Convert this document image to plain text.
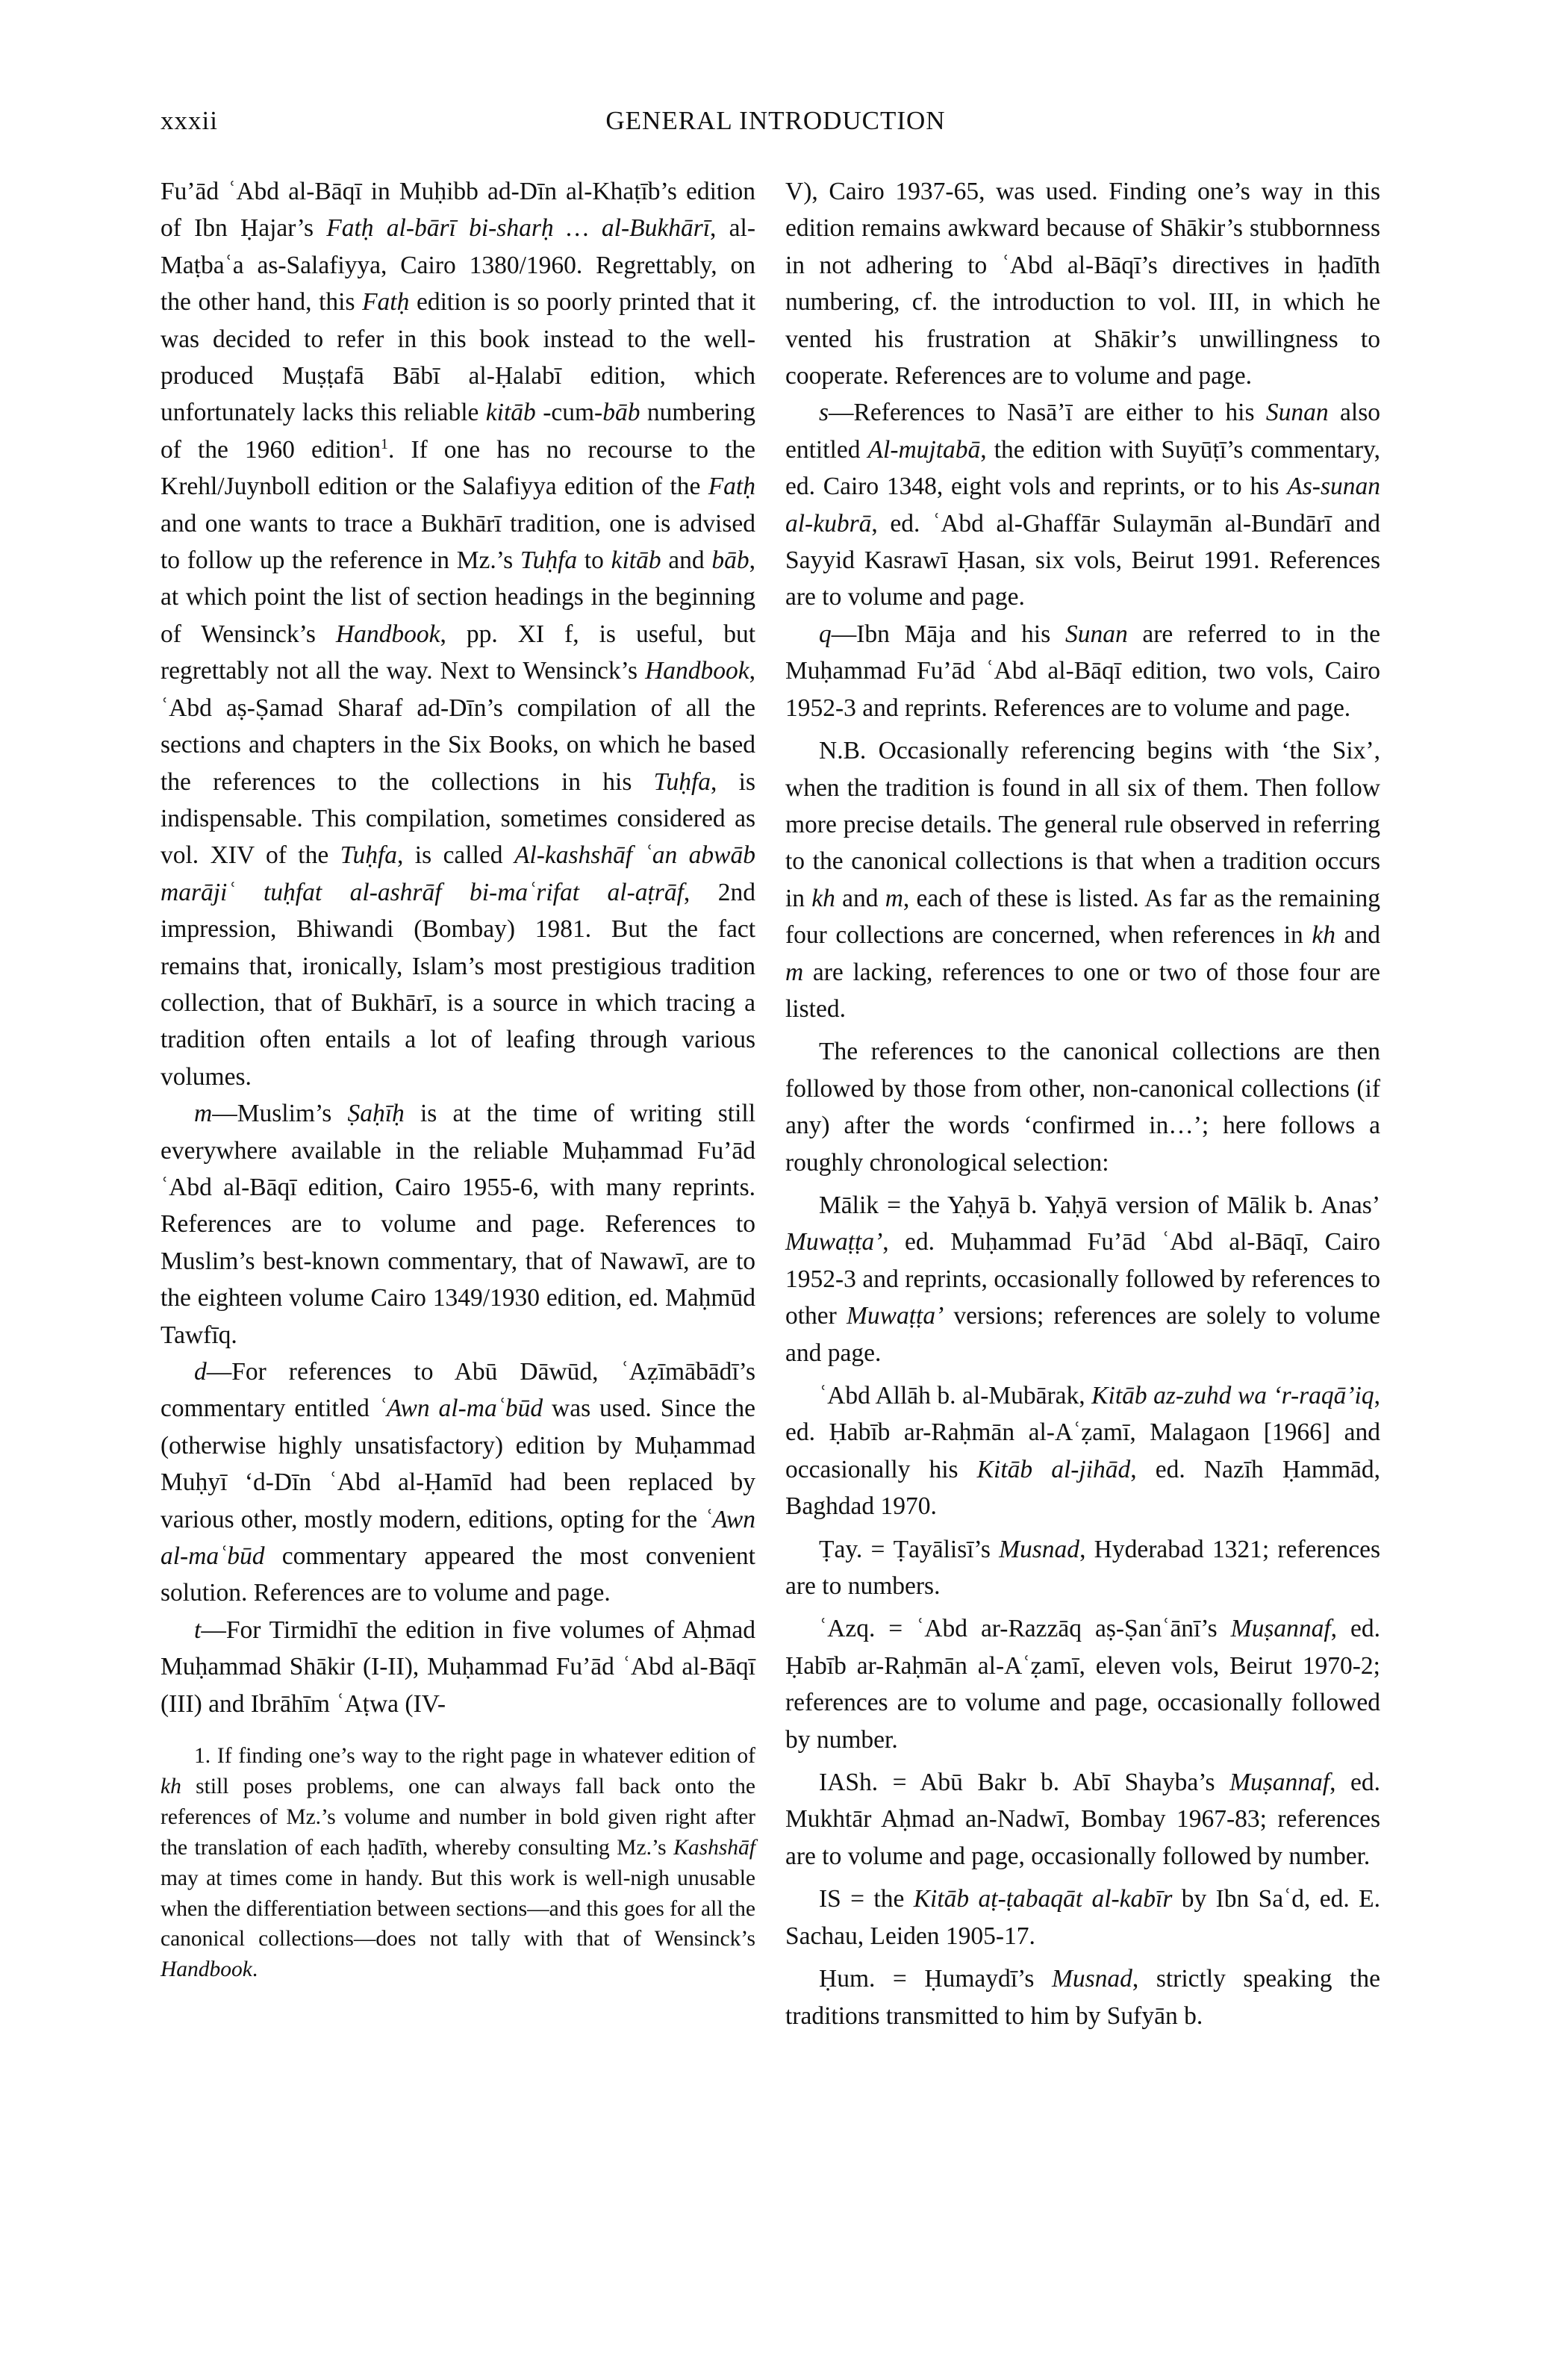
xxxii	GENERAL INTRODUCTION

Fu’ād ʿAbd al-Bāqī in Muḥibb ad-Dīn al-Khaṭīb’s edition of Ibn Ḥajar’s Fatḥ al-bārī bi-sharḥ … al-Bukhārī, al-Maṭbaʿa as-Salafiyya, Cairo 1380/1960. Regrettably, on the other hand, this Fatḥ edition is so poorly printed that it was decided to refer in this book instead to the well-produced Muṣṭafā Bābī al-Ḥalabī edition, which unfortunately lacks this reliable kitāb -cum-bāb numbering of the 1960 edition$^1$. If one has no recourse to the Krehl/Juynboll edition or the Salafiyya edition of the Fatḥ and one wants to trace a Bukhārī tradition, one is advised to follow up the reference in Mz.’s Tuḥfa to kitāb and bāb, at which point the list of section headings in the beginning of Wensinck’s Handbook, pp. XI f, is useful, but regrettably not all the way. Next to Wensinck’s Handbook, ʿAbd aṣ-Ṣamad Sharaf ad-Dīn’s compilation of all the sections and chapters in the Six Books, on which he based the references to the collections in his Tuḥfa, is indispensable. This compilation, sometimes considered as vol. XIV of the Tuḥfa, is called Al-kashshāf ʿan abwāb marājiʿ tuḥfat al-ashrāf bi-maʿrifat al-aṭrāf, 2nd impression, Bhiwandi (Bombay) 1981. But the fact remains that, ironically, Islam’s most prestigious tradition collection, that of Bukhārī, is a source in which tracing a tradition often entails a lot of leafing through various volumes.

m—Muslim’s Ṣaḥīḥ is at the time of writing still everywhere available in the reliable Muḥammad Fu’ād ʿAbd al-Bāqī edition, Cairo 1955-6, with many reprints. References are to volume and page. References to Muslim’s best-known commentary, that of Nawawī, are to the eighteen volume Cairo 1349/1930 edition, ed. Maḥmūd Tawfīq.

d—For references to Abū Dāwūd, ʿAẓīmābādī’s commentary entitled ʿAwn al-maʿbūd was used. Since the (otherwise highly unsatisfactory) edition by Muḥammad Muḥyī ‘d-Dīn ʿAbd al-Ḥamīd had been replaced by various other, mostly modern, editions, opting for the ʿAwn al-maʿbūd commentary appeared the most convenient solution. References are to volume and page.

t—For Tirmidhī the edition in five volumes of Aḥmad Muḥammad Shākir (I-II), Muḥammad Fu’ād ʿAbd al-Bāqī (III) and Ibrāhīm ʿAṭwa (IV-

1. If finding one’s way to the right page in whatever edition of kh still poses problems, one can always fall back onto the references of Mz.’s volume and number in bold given right after the translation of each ḥadīth, whereby consulting Mz.’s Kashshāf may at times come in handy. But this work is well-nigh unusable when the differentiation between sections—and this goes for all the canonical collections—does not tally with that of Wensinck’s Handbook.

V), Cairo 1937-65, was used. Finding one’s way in this edition remains awkward because of Shākir’s stubbornness in not adhering to ʿAbd al-Bāqī’s directives in ḥadīth numbering, cf. the introduction to vol. III, in which he vented his frustration at Shākir’s unwillingness to cooperate. References are to volume and page.

s—References to Nasā’ī are either to his Sunan also entitled Al-mujtabā, the edition with Suyūṭī’s commentary, ed. Cairo 1348, eight vols and reprints, or to his As-sunan al-kubrā, ed. ʿAbd al-Ghaffār Sulaymān al-Bundārī and Sayyid Kasrawī Ḥasan, six vols, Beirut 1991. References are to volume and page.

q—Ibn Māja and his Sunan are referred to in the Muḥammad Fu’ād ʿAbd al-Bāqī edition, two vols, Cairo 1952-3 and reprints. References are to volume and page.

N.B. Occasionally referencing begins with ‘the Six’, when the tradition is found in all six of them. Then follow more precise details. The general rule observed in referring to the canonical collections is that when a tradition occurs in kh and m, each of these is listed. As far as the remaining four collections are concerned, when references in kh and m are lacking, references to one or two of those four are listed.

The references to the canonical collections are then followed by those from other, non-canonical collections (if any) after the words ‘confirmed in…’; here follows a roughly chronological selection:

Mālik = the Yaḥyā b. Yaḥyā version of Mālik b. Anas’ Muwaṭṭa’, ed. Muḥammad Fu’ād ʿAbd al-Bāqī, Cairo 1952-3 and reprints, occasionally followed by references to other Muwaṭṭa’ versions; references are solely to volume and page.

ʿAbd Allāh b. al-Mubārak, Kitāb az-zuhd wa ‘r-raqā’iq, ed. Ḥabīb ar-Raḥmān al-Aʿẓamī, Malagaon [1966] and occasionally his Kitāb al-jihād, ed. Nazīh Ḥammād, Baghdad 1970.

Ṭay. = Ṭayālisī’s Musnad, Hyderabad 1321; references are to numbers.

ʿAzq. = ʿAbd ar-Razzāq aṣ-Ṣanʿānī’s Muṣannaf, ed. Ḥabīb ar-Raḥmān al-Aʿẓamī, eleven vols, Beirut 1970-2; references are to volume and page, occasionally followed by number.

IASh. = Abū Bakr b. Abī Shayba’s Muṣannaf, ed. Mukhtār Aḥmad an-Nadwī, Bombay 1967-83; references are to volume and page, occasionally followed by number.

IS = the Kitāb aṭ-ṭabaqāt al-kabīr by Ibn Saʿd, ed. E. Sachau, Leiden 1905-17.

Ḥum. = Ḥumaydī’s Musnad, strictly speaking the traditions transmitted to him by Sufyān b.
